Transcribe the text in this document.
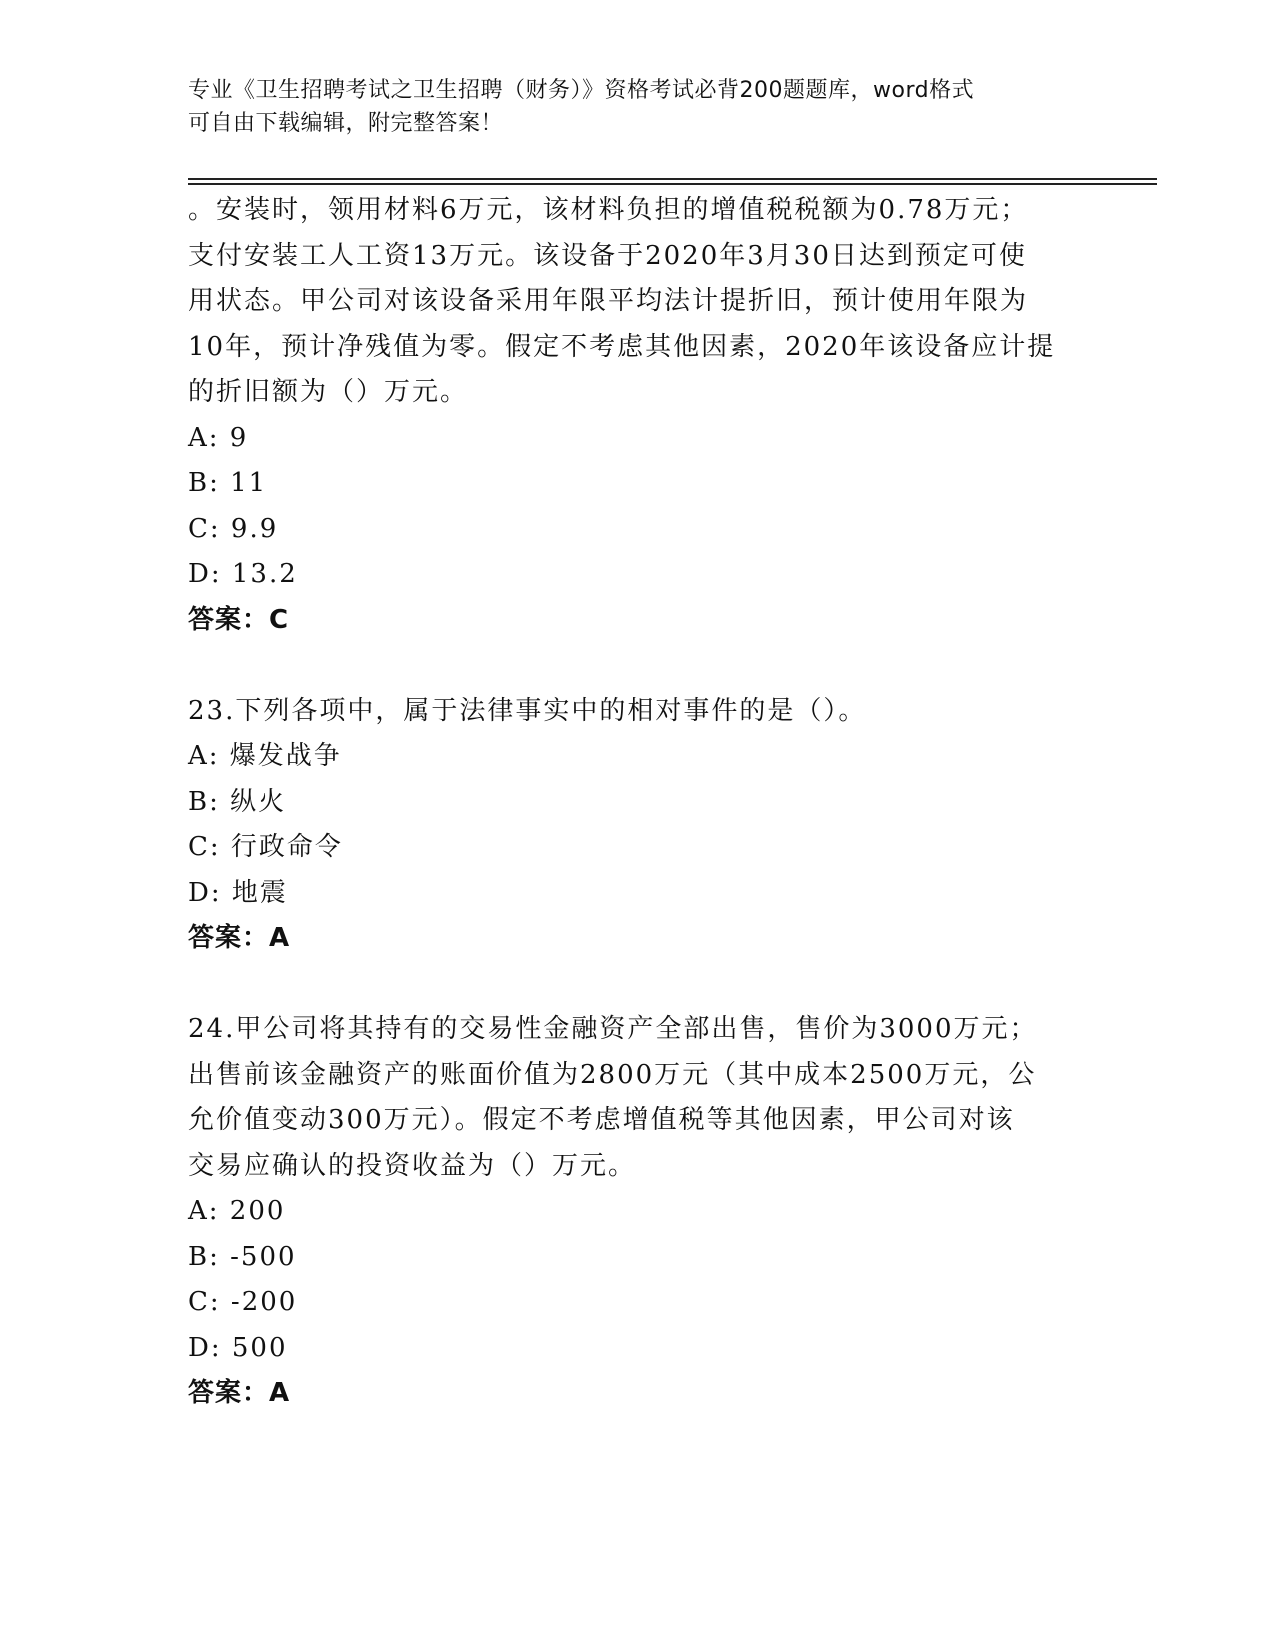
专业《卫生招聘考试之卫生招聘（财务）》资格考试必背200题题库，word格式
可自由下载编辑，附完整答案！
。安装时，领用材料6万元，该材料负担的增值税税额为0.78万元；
支付安装工人工资13万元。该设备于2020年3月30日达到预定可使
用状态。甲公司对该设备采用年限平均法计提折旧，预计使用年限为
10年，预计净残值为零。假定不考虑其他因素，2020年该设备应计提
的折旧额为（）万元。
A: 9
B: 11
C: 9.9
D: 13.2
答案：C
23.下列各项中，属于法律事实中的相对事件的是（）。
A: 爆发战争
B: 纵火
C: 行政命令
D: 地震
答案：A
24.甲公司将其持有的交易性金融资产全部出售，售价为3000万元；
出售前该金融资产的账面价值为2800万元（其中成本2500万元，公
允价值变动300万元）。假定不考虑增值税等其他因素，甲公司对该
交易应确认的投资收益为（）万元。
A: 200
B: -500
C: -200
D: 500
答案：A
